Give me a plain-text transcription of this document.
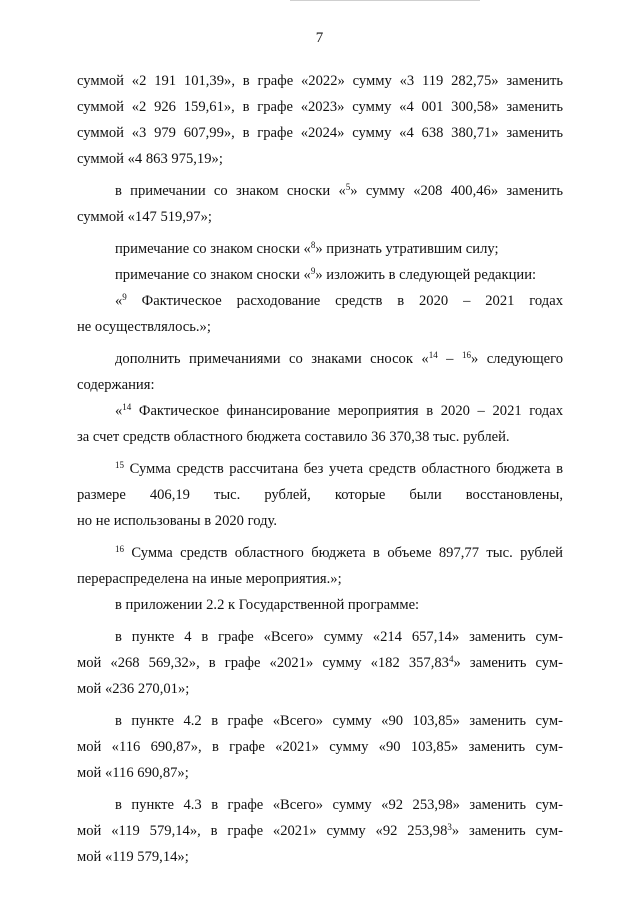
7

суммой «2 191 101,39», в графе «2022» сумму «3 119 282,75» заменить
суммой «2 926 159,61», в графе «2023» сумму «4 001 300,58» заменить
суммой «3 979 607,99», в графе «2024» сумму «4 638 380,71» заменить
суммой «4 863 975,19»;

в примечании со знаком сноски «$^5$» сумму «208 400,46» заменить
суммой «147 519,97»;

примечание со знаком сноски «$^8$» признать утратившим силу;

примечание со знаком сноски «$^9$» изложить в следующей редакции:

«$^9$ Фактическое расходование средств в 2020 – 2021 годах
не осуществлялось.»;

дополнить примечаниями со знаками сносок «$^{14}$ – $^{16}$» следующего
содержания:

«$^{14}$ Фактическое финансирование мероприятия в 2020 – 2021 годах
за счет средств областного бюджета составило 36 370,38 тыс. рублей.

$^{15}$ Сумма средств рассчитана без учета средств областного бюджета в
размере 406,19 тыс. рублей, которые были восстановлены,
но не использованы в 2020 году.

$^{16}$ Сумма средств областного бюджета в объеме 897,77 тыс. рублей
перераспределена на иные мероприятия.»;

в приложении 2.2 к Государственной программе:

в пункте 4 в графе «Всего» сумму «214 657,14» заменить сум-
мой «268 569,32», в графе «2021» сумму «182 357,83$^4$» заменить сум-
мой «236 270,01»;

в пункте 4.2 в графе «Всего» сумму «90 103,85» заменить сум-
мой «116 690,87», в графе «2021» сумму «90 103,85» заменить сум-
мой «116 690,87»;

в пункте 4.3 в графе «Всего» сумму «92 253,98» заменить сум-
мой «119 579,14», в графе «2021» сумму «92 253,98$^3$» заменить сум-
мой «119 579,14»;
